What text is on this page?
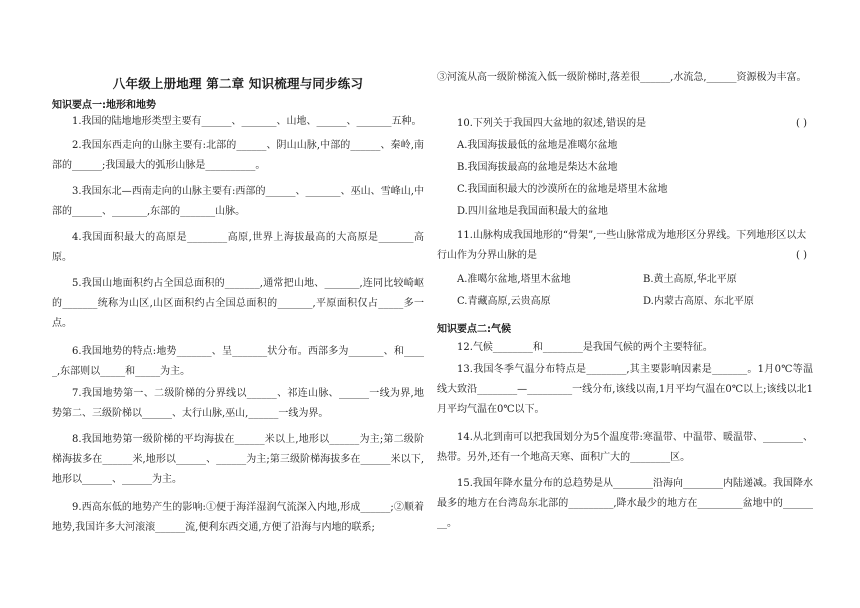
八年级上册地理 第二章 知识梳理与同步练习
知识要点一:地形和地势
1.我国的陆地地形类型主要有______、_______、山地、______、_______五种。
2.我国东西走向的山脉主要有:北部的______、阴山山脉,中部的______、秦岭,南部的______;我国最大的弧形山脉是__________。
3.我国东北—西南走向的山脉主要有:西部的______、_______、巫山、雪峰山,中部的______、_______,东部的_______山脉。
4.我国面积最大的高原是________高原,世界上海拔最高的大高原是_______高原。
5.我国山地面积约占全国总面积的_______,通常把山地、_______,连同比较崎岖的_______统称为山区,山区面积约占全国总面积的_______,平原面积仅占_____多一点。
6.我国地势的特点:地势_______、呈_______状分布。西部多为_______、和_____,东部则以_____和_____为主。
7.我国地势第一、二级阶梯的分界线以______、祁连山脉、______一线为界,地势第二、三级阶梯以______、太行山脉,巫山,______一线为界。
8.我国地势第一级阶梯的平均海拔在______米以上,地形以______为主;第二级阶梯海拔多在______米,地形以______、______为主;第三级阶梯海拔多在______米以下,地形以______、______为主。
9.西高东低的地势产生的影响:①便于海洋湿润气流深入内地,形成______;②顺着地势,我国许多大河滚滚______流,便利东西交通,方便了沿海与内地的联系;
③河流从高一级阶梯流入低一级阶梯时,落差很______,水流急,______资源极为丰富。
10.下列关于我国四大盆地的叙述,错误的是	( )
A.我国海拔最低的盆地是准噶尔盆地
B.我国海拔最高的盆地是柴达木盆地
C.我国面积最大的沙漠所在的盆地是塔里木盆地
D.四川盆地是我国面积最大的盆地
11.山脉构成我国地形的“骨架”,一些山脉常成为地形区分界线。下列地形区以太行山作为分界山脉的是	( )
A.准噶尔盆地,塔里木盆地	B.黄土高原,华北平原
C.青藏高原,云贵高原	D.内蒙古高原、东北平原
知识要点二:气候
12.气候________和________是我国气候的两个主要特征。
13.我国冬季气温分布特点是________,其主要影响因素是_______。1月0℃等温线大致沿________—_________一线分布,该线以南,1月平均气温在0℃以上;该线以北1月平均气温在0℃以下。
14.从北到南可以把我国划分为5个温度带:寒温带、中温带、暖温带、________、热带。另外,还有一个地高天寒、面积广大的________区。
15.我国年降水量分布的总趋势是从________沿海向________内陆递减。我国降水最多的地方在台湾岛东北部的_________,降水最少的地方在_________盆地中的________。
